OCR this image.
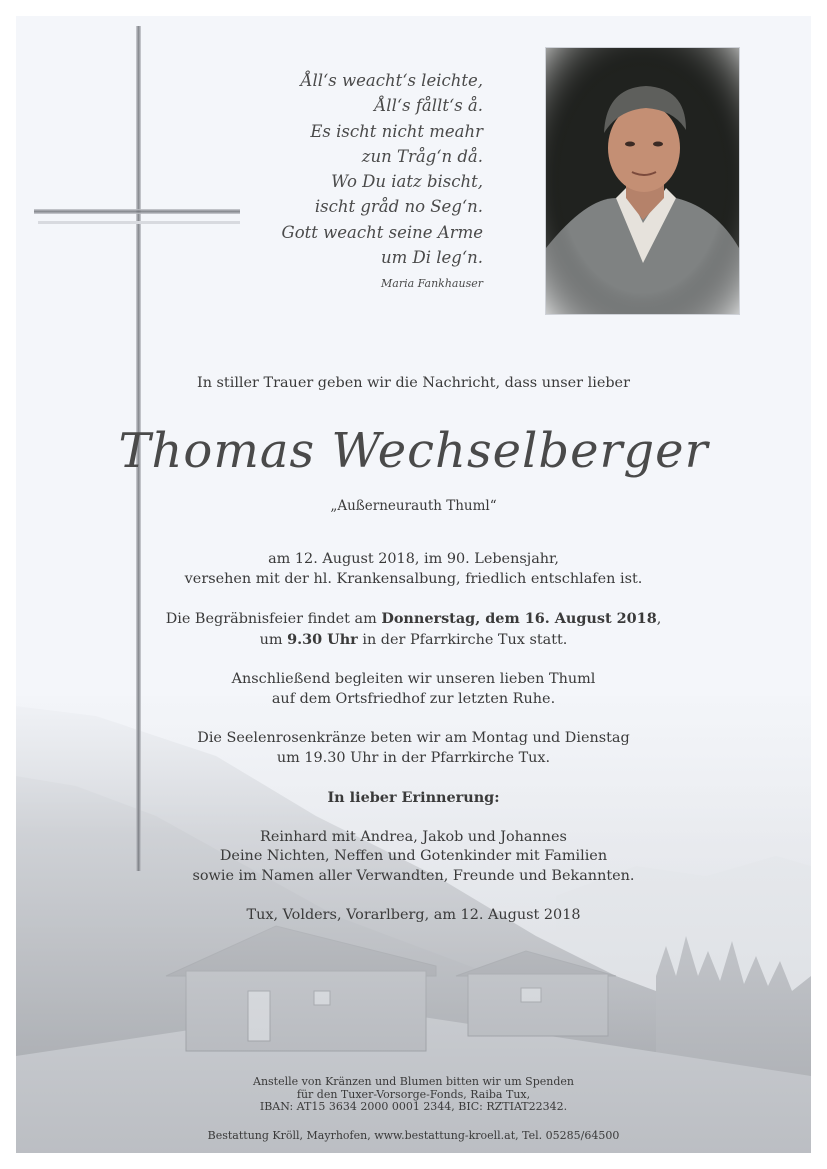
Åll‘s weacht‘s leichte,
Åll‘s fållt‘s å.
Es ischt nicht meahr
zun Tråg‘n då.
Wo Du iatz bischt,
ischt gråd no Seg‘n.
Gott weacht seine Arme
um Di leg‘n.
Maria Fankhauser

In stiller Trauer geben wir die Nachricht, dass unser lieber

Thomas Wechselberger

„Außerneurauth Thuml“

am 12. August 2018, im 90. Lebensjahr,

versehen mit der hl. Krankensalbung, friedlich entschlafen ist.

Die Begräbnisfeier findet am Donnerstag, dem 16. August 2018,

um 9.30 Uhr in der Pfarrkirche Tux statt.

Anschließend begleiten wir unseren lieben Thuml

auf dem Ortsfriedhof zur letzten Ruhe.

Die Seelenrosenkränze beten wir am Montag und Dienstag

um 19.30 Uhr in der Pfarrkirche Tux.

In lieber Erinnerung:

Reinhard mit Andrea, Jakob und Johannes

Deine Nichten, Neffen und Gotenkinder mit Familien

sowie im Namen aller Verwandten, Freunde und Bekannten.

Tux, Volders, Vorarlberg, am 12. August 2018

Anstelle von Kränzen und Blumen bitten wir um Spenden
für den Tuxer-Vorsorge-Fonds, Raiba Tux,
IBAN: AT15 3634 2000 0001 2344, BIC: RZTIAT22342.
Bestattung Kröll, Mayrhofen, www.bestattung-kroell.at, Tel. 05285/64500
